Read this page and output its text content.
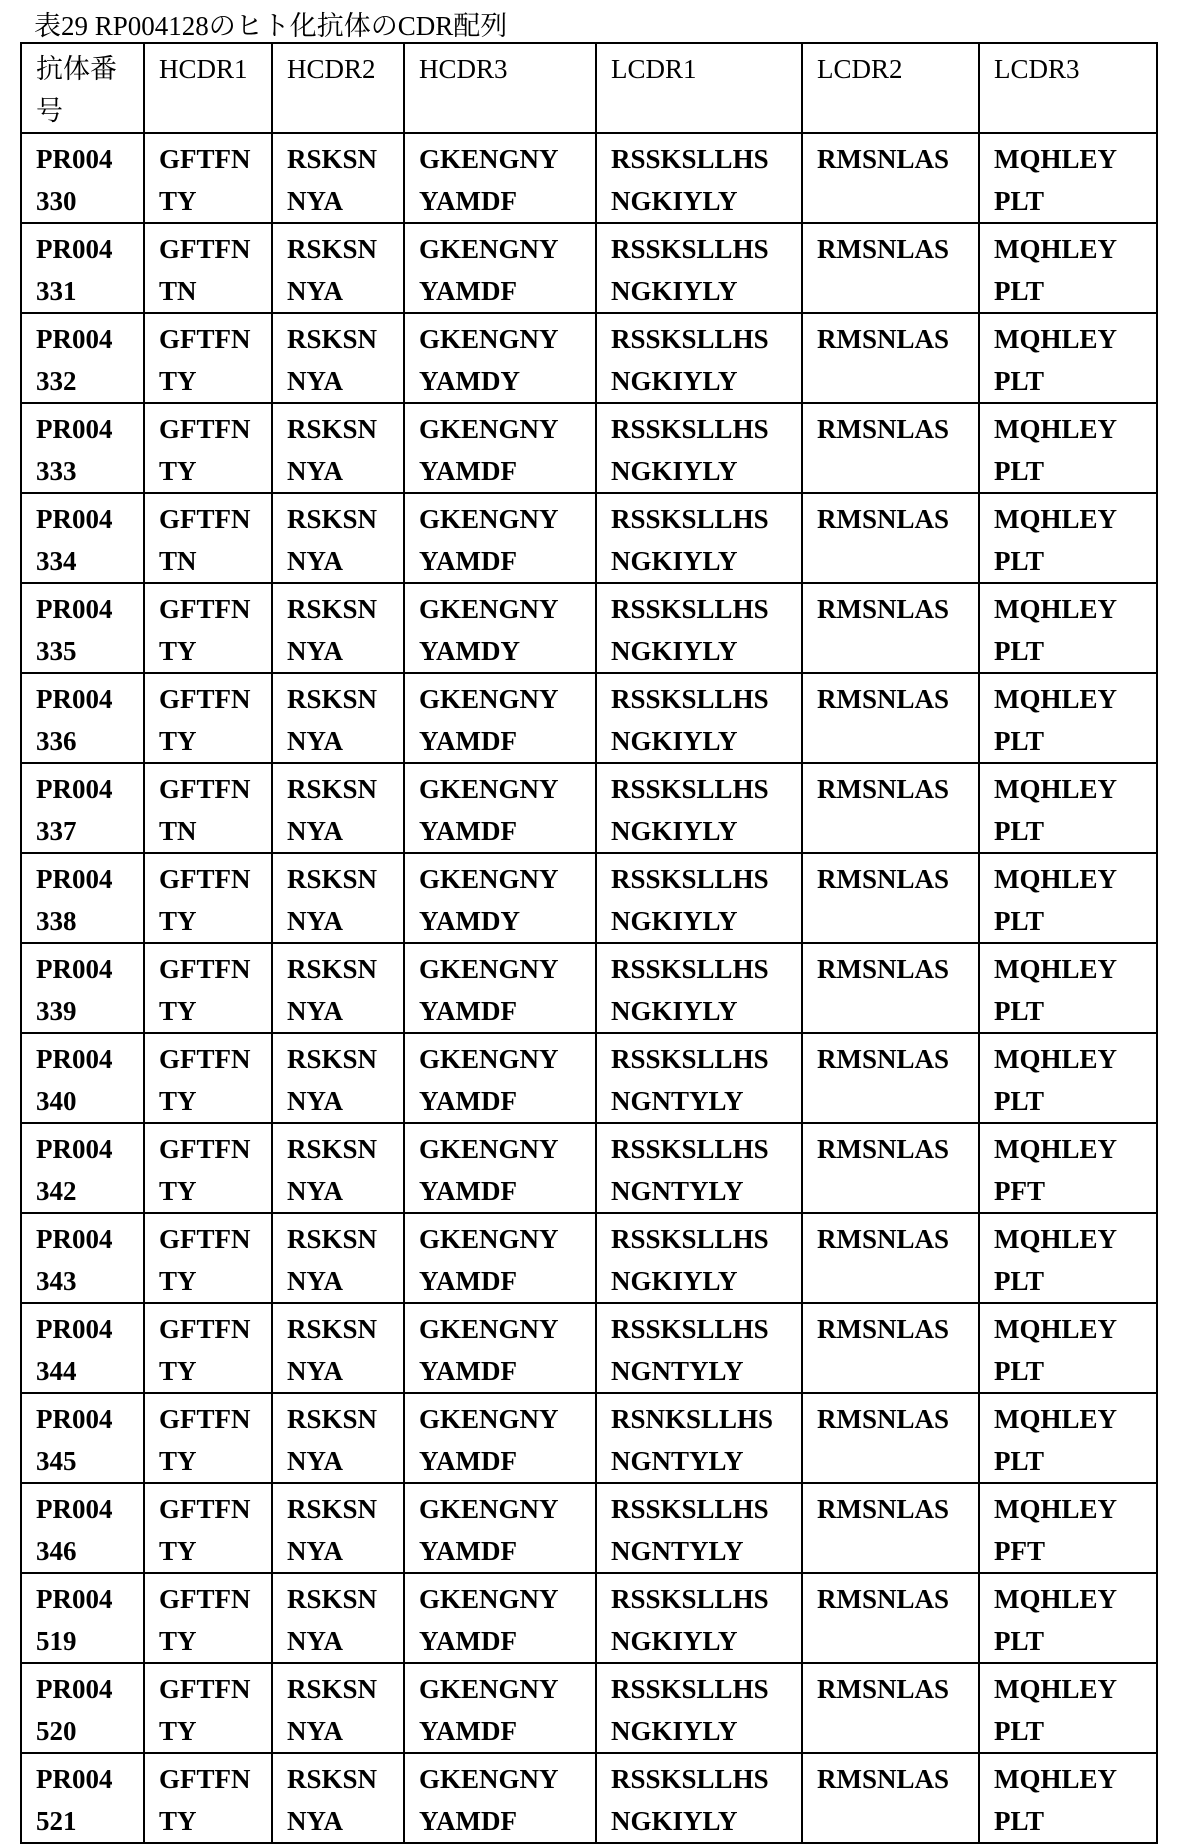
表29 RP004128のヒト化抗体のCDR配列
抗体番号	HCDR1	HCDR2	HCDR3	LCDR1	LCDR2	LCDR3

PR004
330

GFTFN
TY

RSKSN
NYA

GKENGNY
YAMDF

RSSKSLLHS
NGKIYLY

RMSNLAS	MQHLEY
PLT

PR004
331

GFTFN
TN

RSKSN
NYA

GKENGNY
YAMDF

RSSKSLLHS
NGKIYLY

RMSNLAS	MQHLEY
PLT

PR004
332

GFTFN
TY

RSKSN
NYA

GKENGNY
YAMDY

RSSKSLLHS
NGKIYLY

RMSNLAS	MQHLEY
PLT

PR004
333

GFTFN
TY

RSKSN
NYA

GKENGNY
YAMDF

RSSKSLLHS
NGKIYLY

RMSNLAS	MQHLEY
PLT

PR004
334

GFTFN
TN

RSKSN
NYA

GKENGNY
YAMDF

RSSKSLLHS
NGKIYLY

RMSNLAS	MQHLEY
PLT

PR004
335

GFTFN
TY

RSKSN
NYA

GKENGNY
YAMDY

RSSKSLLHS
NGKIYLY

RMSNLAS	MQHLEY
PLT

PR004
336

GFTFN
TY

RSKSN
NYA

GKENGNY
YAMDF

RSSKSLLHS
NGKIYLY

RMSNLAS	MQHLEY
PLT

PR004
337

GFTFN
TN

RSKSN
NYA

GKENGNY
YAMDF

RSSKSLLHS
NGKIYLY

RMSNLAS	MQHLEY
PLT

PR004
338

GFTFN
TY

RSKSN
NYA

GKENGNY
YAMDY

RSSKSLLHS
NGKIYLY

RMSNLAS	MQHLEY
PLT

PR004
339

GFTFN
TY

RSKSN
NYA

GKENGNY
YAMDF

RSSKSLLHS
NGKIYLY

RMSNLAS	MQHLEY
PLT

PR004
340

GFTFN
TY

RSKSN
NYA

GKENGNY
YAMDF

RSSKSLLHS
NGNTYLY

RMSNLAS	MQHLEY
PLT

PR004
342

GFTFN
TY

RSKSN
NYA

GKENGNY
YAMDF

RSSKSLLHS
NGNTYLY

RMSNLAS	MQHLEY
PFT

PR004
343

GFTFN
TY

RSKSN
NYA

GKENGNY
YAMDF

RSSKSLLHS
NGKIYLY

RMSNLAS	MQHLEY
PLT

PR004
344

GFTFN
TY

RSKSN
NYA

GKENGNY
YAMDF

RSSKSLLHS
NGNTYLY

RMSNLAS	MQHLEY
PLT

PR004
345

GFTFN
TY

RSKSN
NYA

GKENGNY
YAMDF

RSNKSLLHS
NGNTYLY

RMSNLAS	MQHLEY
PLT

PR004
346

GFTFN
TY

RSKSN
NYA

GKENGNY
YAMDF

RSSKSLLHS
NGNTYLY

RMSNLAS	MQHLEY
PFT

PR004
519

GFTFN
TY

RSKSN
NYA

GKENGNY
YAMDF

RSSKSLLHS
NGKIYLY

RMSNLAS	MQHLEY
PLT

PR004
520

GFTFN
TY

RSKSN
NYA

GKENGNY
YAMDF

RSSKSLLHS
NGKIYLY

RMSNLAS	MQHLEY
PLT

PR004
521

GFTFN
TY

RSKSN
NYA

GKENGNY
YAMDF

RSSKSLLHS
NGKIYLY

RMSNLAS	MQHLEY
PLT
